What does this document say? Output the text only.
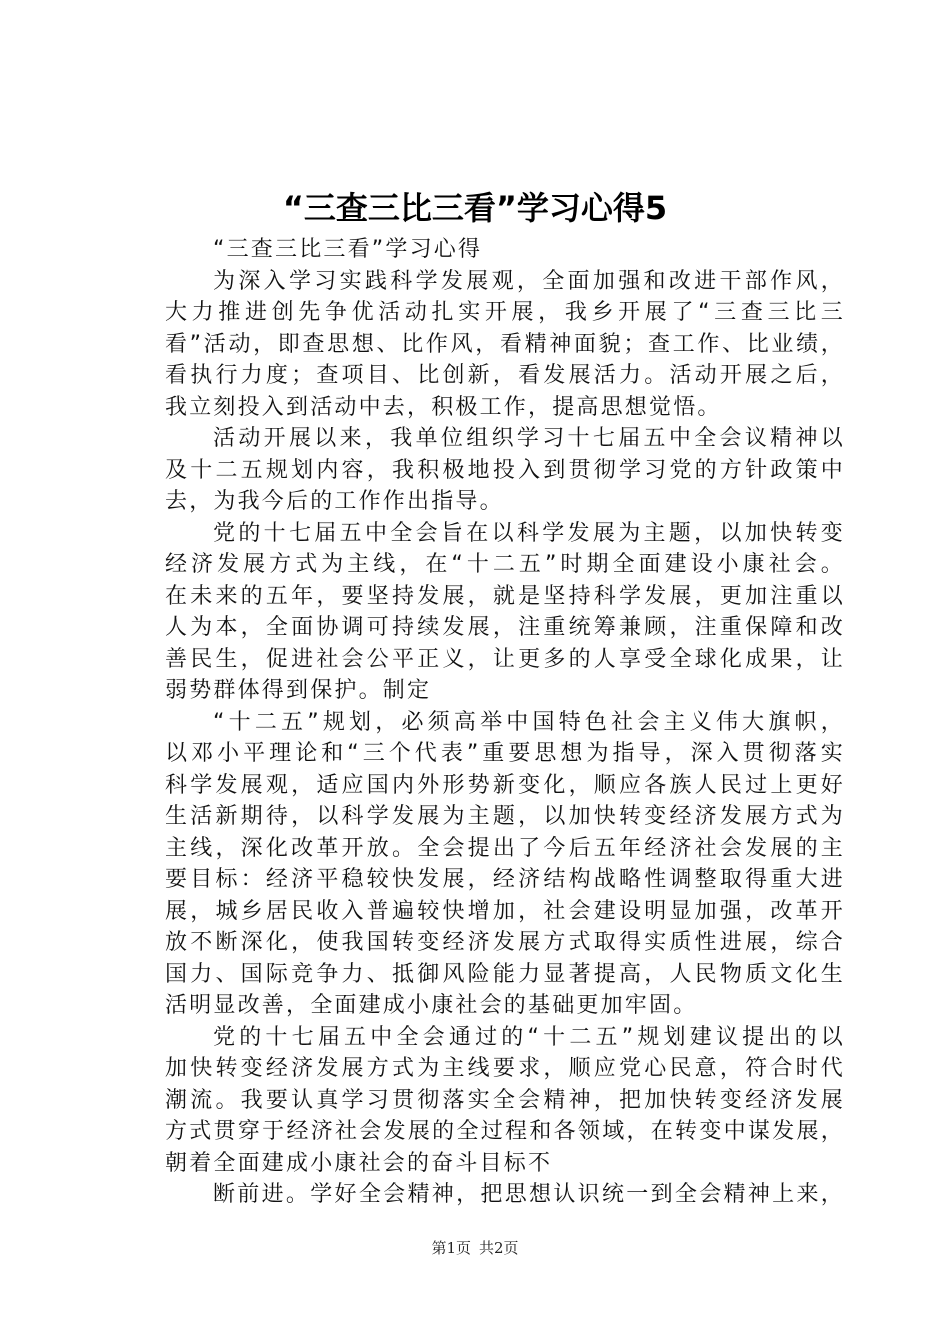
“三查三比三看”学习心得5
“三查三比三看”学习心得
为深入学习实践科学发展观，全面加强和改进干部作风，
大力推进创先争优活动扎实开展，我乡开展了“三查三比三
看”活动，即查思想、比作风，看精神面貌；查工作、比业绩，
看执行力度；查项目、比创新，看发展活力。活动开展之后，
我立刻投入到活动中去，积极工作，提高思想觉悟。
活动开展以来，我单位组织学习十七届五中全会议精神以
及十二五规划内容，我积极地投入到贯彻学习党的方针政策中
去，为我今后的工作作出指导。
党的十七届五中全会旨在以科学发展为主题，以加快转变
经济发展方式为主线，在“十二五”时期全面建设小康社会。
在未来的五年，要坚持发展，就是坚持科学发展，更加注重以
人为本，全面协调可持续发展，注重统筹兼顾，注重保障和改
善民生，促进社会公平正义，让更多的人享受全球化成果，让
弱势群体得到保护。制定
“十二五”规划，必须高举中国特色社会主义伟大旗帜，
以邓小平理论和“三个代表”重要思想为指导，深入贯彻落实
科学发展观，适应国内外形势新变化，顺应各族人民过上更好
生活新期待，以科学发展为主题，以加快转变经济发展方式为
主线，深化改革开放。全会提出了今后五年经济社会发展的主
要目标：经济平稳较快发展，经济结构战略性调整取得重大进
展，城乡居民收入普遍较快增加，社会建设明显加强，改革开
放不断深化，使我国转变经济发展方式取得实质性进展，综合
国力、国际竞争力、抵御风险能力显著提高，人民物质文化生
活明显改善，全面建成小康社会的基础更加牢固。
党的十七届五中全会通过的“十二五”规划建议提出的以
加快转变经济发展方式为主线要求，顺应党心民意，符合时代
潮流。我要认真学习贯彻落实全会精神，把加快转变经济发展
方式贯穿于经济社会发展的全过程和各领域，在转变中谋发展，
朝着全面建成小康社会的奋斗目标不
断前进。学好全会精神，把思想认识统一到全会精神上来，
第1页 共2页
